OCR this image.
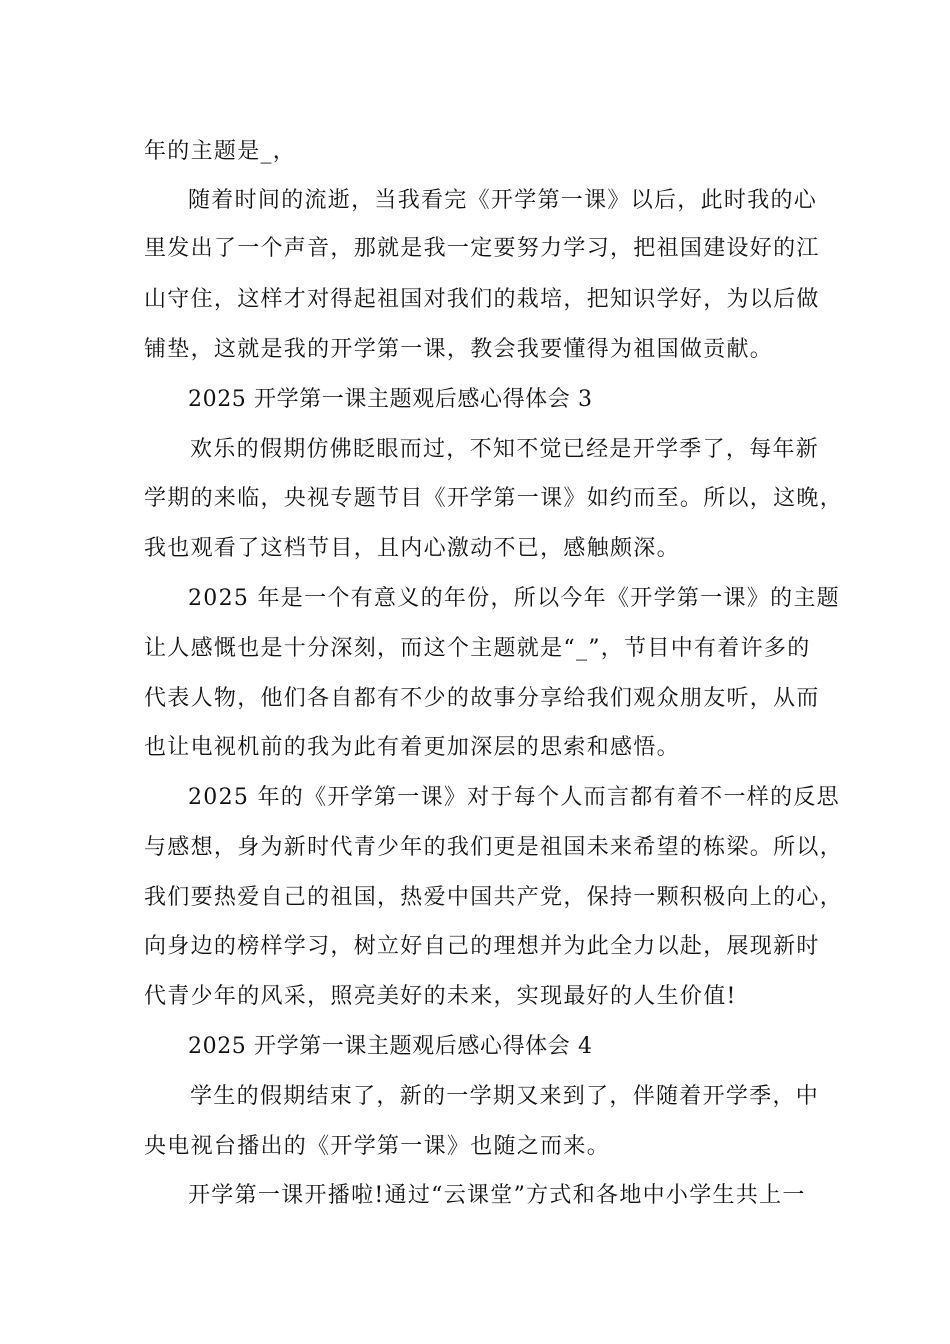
年的主题是_，
随着时间的流逝，当我看完《开学第一课》以后，此时我的心
里发出了一个声音，那就是我一定要努力学习，把祖国建设好的江
山守住，这样才对得起祖国对我们的栽培，把知识学好，为以后做
铺垫，这就是我的开学第一课，教会我要懂得为祖国做贡献。
2025 开学第一课主题观后感心得体会 3
欢乐的假期仿佛眨眼而过，不知不觉已经是开学季了，每年新
学期的来临，央视专题节目《开学第一课》如约而至。所以，这晚，
我也观看了这档节目，且内心激动不已，感触颇深。
2025 年是一个有意义的年份，所以今年《开学第一课》的主题
让人感慨也是十分深刻，而这个主题就是“_”，节目中有着许多的
代表人物，他们各自都有不少的故事分享给我们观众朋友听，从而
也让电视机前的我为此有着更加深层的思索和感悟。
2025 年的《开学第一课》对于每个人而言都有着不一样的反思
与感想，身为新时代青少年的我们更是祖国未来希望的栋梁。所以，
我们要热爱自己的祖国，热爱中国共产党，保持一颗积极向上的心，
向身边的榜样学习，树立好自己的理想并为此全力以赴，展现新时
代青少年的风采，照亮美好的未来，实现最好的人生价值!
2025 开学第一课主题观后感心得体会 4
学生的假期结束了，新的一学期又来到了，伴随着开学季，中
央电视台播出的《开学第一课》也随之而来。
开学第一课开播啦!通过“云课堂”方式和各地中小学生共上一
